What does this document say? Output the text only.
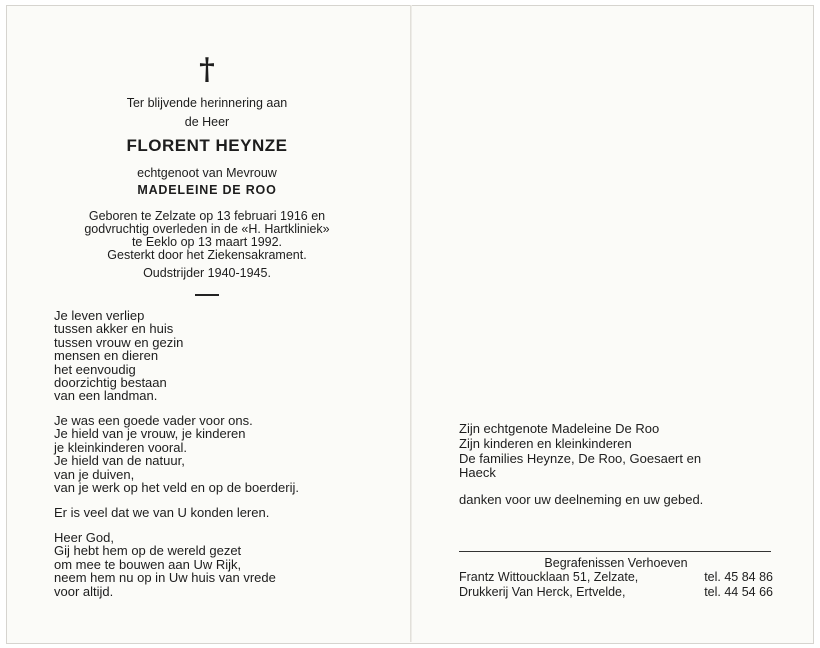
†
Ter blijvende herinnering aan
de Heer
FLORENT HEYNZE
echtgenoot van Mevrouw
MADELEINE DE ROO
Geboren te Zelzate op 13 februari 1916 en
godvruchtig overleden in de «H. Hartkliniek»
te Eeklo op 13 maart 1992.
Gesterkt door het Ziekensakrament.
Oudstrijder 1940-1945.
Je leven verliep
tussen akker en huis
tussen vrouw en gezin
mensen en dieren
het eenvoudig
doorzichtig bestaan
van een landman.
Je was een goede vader voor ons.
Je hield van je vrouw, je kinderen
je kleinkinderen vooral.
Je hield van de natuur,
van je duiven,
van je werk op het veld en op de boerderij.
Er is veel dat we van U konden leren.
Heer God,
Gij hebt hem op de wereld gezet
om mee te bouwen aan Uw Rijk,
neem hem nu op in Uw huis van vrede
voor altijd.
Zijn echtgenote Madeleine De Roo
Zijn kinderen en kleinkinderen
De families Heynze, De Roo, Goesaert en
Haeck
danken voor uw deelneming en uw gebed.
Begrafenissen Verhoeven
Frantz Wittoucklaan 51, Zelzate,	tel. 45 84 86
Drukkerij Van Herck, Ertvelde,	tel. 44 54 66
